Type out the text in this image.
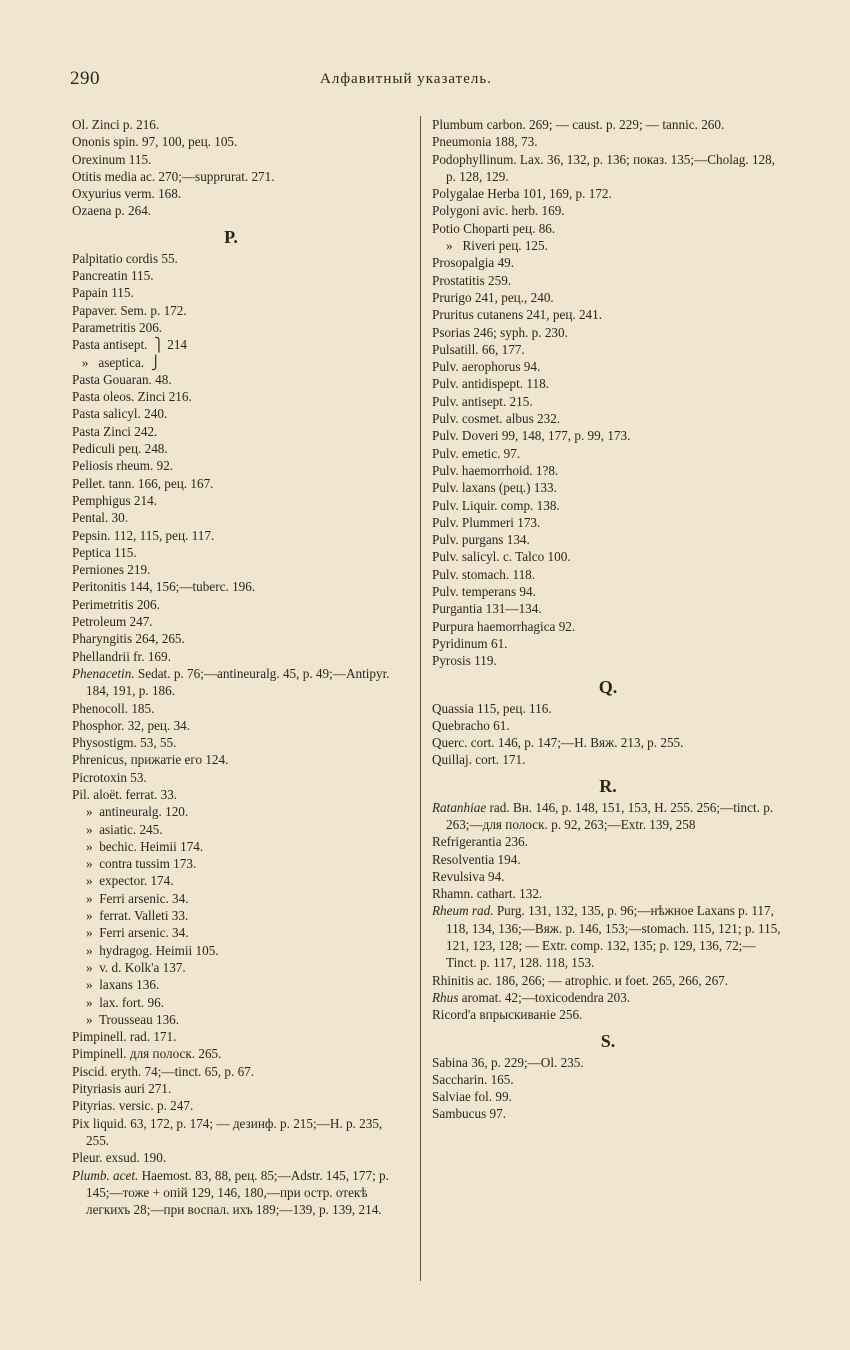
290	Алфавитный указатель.
Ol. Zinci p. 216.
Ononis spin. 97, 100, рец. 105.
Orexinum 115.
Otitis media ac. 270;—supprurat. 271.
Oxyurius verm. 168.
Ozaena p. 264.
P.
Palpitatio cordis 55.
Pancreatin 115.
Papain 115.
Papaver. Sem. p. 172.
Parametritis 206.
Pasta antisept.  ⎫ 214
»   aseptica.  ⎭
Pasta Gouaran. 48.
Pasta oleos. Zinci 216.
Pasta salicyl. 240.
Pasta Zinci 242.
Pediculi рец. 248.
Peliosis rheum. 92.
Pellet. tann. 166, рец. 167.
Pemphigus 214.
Pental. 30.
Pepsin. 112, 115, рец. 117.
Peptica 115.
Perniones 219.
Peritonitis 144, 156;—tuberc. 196.
Perimetritis 206.
Petroleum 247.
Pharyngitis 264, 265.
Phellandrii fr. 169.
Phenacetin. Sedat. p. 76;—antineuralg. 45, p. 49;—Antipyr. 184, 191, p. 186.
Phenocoll. 185.
Phosphor. 32, рец. 34.
Physostigm. 53, 55.
Phrenicus, прижатіе его 124.
Picrotoxin 53.
Pil. aloёt. ferrat. 33.
»  antineuralg. 120.
»  asiatic. 245.
»  bechic. Heimii 174.
»  contra tussim 173.
»  expector. 174.
»  Ferri arsenic. 34.
»  ferrat. Valleti 33.
»  Ferri arsenic. 34.
»  hydragog. Heimii 105.
»  v. d. Kolk'a 137.
»  laxans 136.
»  lax. fort. 96.
»  Trousseau 136.
Pimpinell. rad. 171.
Pimpinell. для полоск. 265.
Piscid. eryth. 74;—tinct. 65, p. 67.
Pityriasis auri 271.
Pityrias. versic. p. 247.
Pix liquid. 63, 172, p. 174; — дезинф. p. 215;—H. p. 235, 255.
Pleur. exsud. 190.
Plumb. acet. Haemost. 83, 88, рец. 85;—Adstr. 145, 177; p. 145;—тоже + опій 129, 146, 180,—при остр. отекѣ легкихъ 28;—при воспал. ихъ 189;—139, p. 139, 214.
Plumbum carbon. 269; — caust. p. 229; — tannic. 260.
Pneumonia 188, 73.
Podophyllinum. Lax. 36, 132, p. 136; показ. 135;—Cholag. 128, p. 128, 129.
Polygalae Herba 101, 169, p. 172.
Polygoni avic. herb. 169.
Potio Choparti рец. 86.
»   Riveri рец. 125.
Prosopalgia 49.
Prostatitis 259.
Prurigo 241, рец., 240.
Pruritus cutanens 241, рец. 241.
Psorias 246; syph. p. 230.
Pulsatill. 66, 177.
Pulv. aerophorus 94.
Pulv. antidispept. 118.
Pulv. antisept. 215.
Pulv. cosmet. albus 232.
Pulv. Doveri 99, 148, 177, p. 99, 173.
Pulv. emetic. 97.
Pulv. haemorrhoid. 1?8.
Pulv. laxans (рец.) 133.
Pulv. Liquir. comp. 138.
Pulv. Plummeri 173.
Pulv. purgans 134.
Pulv. salicyl. c. Talco 100.
Pulv. stomach. 118.
Pulv. temperans 94.
Purgantia 131—134.
Purpura haemorrhagica 92.
Pyridinum 61.
Pyrosis 119.
Q.
Quassia 115, рец. 116.
Quebracho 61.
Querc. cort. 146, p. 147;—H. Вяж. 213, p. 255.
Quillaj. cort. 171.
R.
Ratanhiae rad. Вн. 146, p. 148, 151, 153, H. 255. 256;—tinct. p. 263;—для полоск. p. 92, 263;—Extr. 139, 258
Refrigerantia 236.
Resolventia 194.
Revulsiva 94.
Rhamn. cathart. 132.
Rheum rad. Purg. 131, 132, 135, p. 96;—нѣжное Laxans p. 117, 118, 134, 136;—Вяж. p. 146, 153;—stomach. 115, 121; p. 115, 121, 123, 128; — Extr. comp. 132, 135; p. 129, 136, 72;—Tinct. p. 117, 128. 118, 153.
Rhinitis ac. 186, 266; — atrophic. и foet. 265, 266, 267.
Rhus aromat. 42;—toxicodendra 203.
Ricord'a впрыскиваніе 256.
S.
Sabina 36, p. 229;—Ol. 235.
Saccharin. 165.
Salviae fol. 99.
Sambucus 97.
